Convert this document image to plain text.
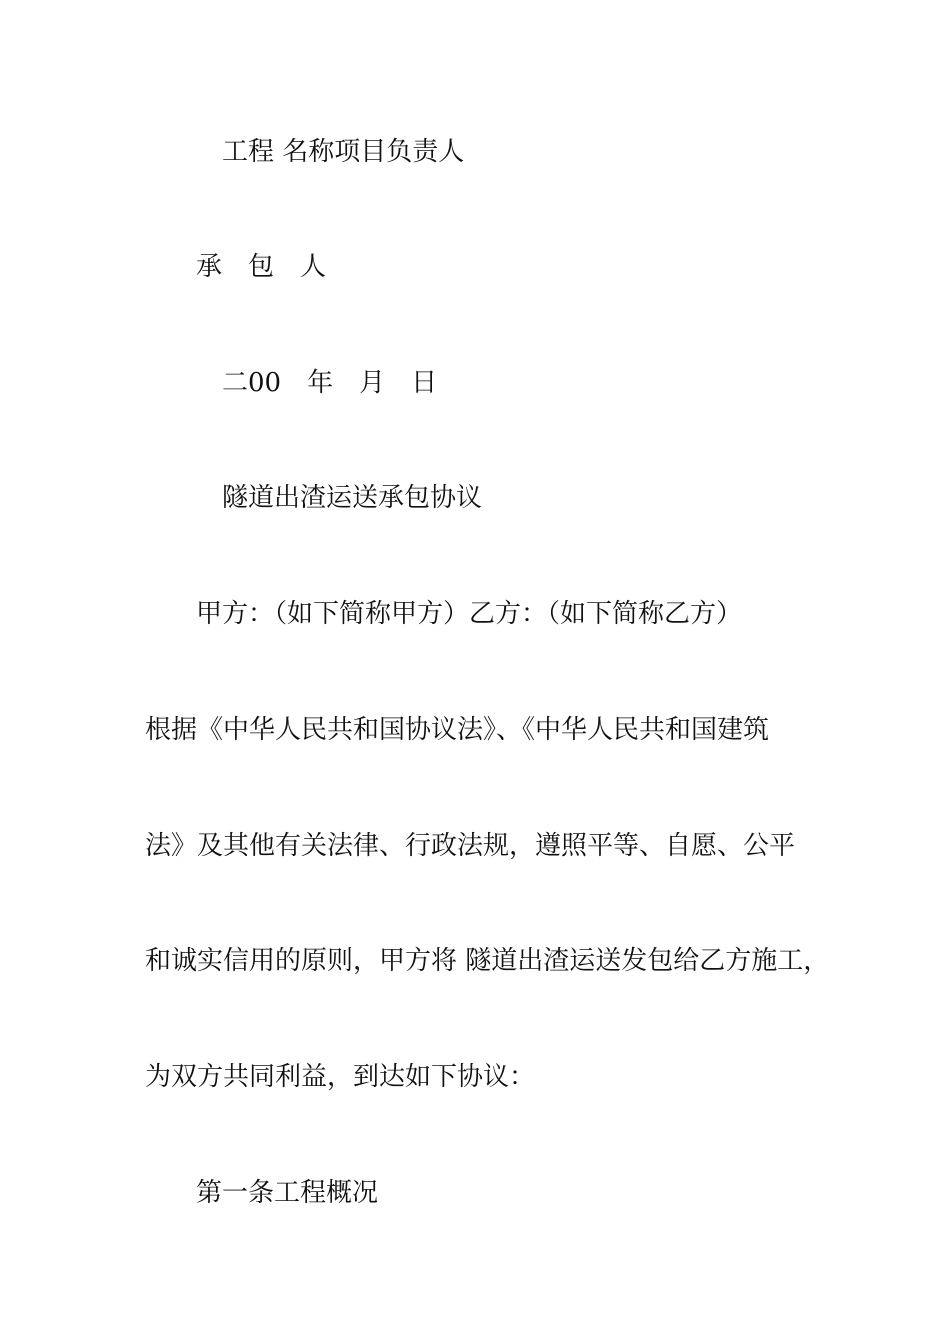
工程 名称项目负责人

承　包　人

二00　年　月　日

隧道出渣运送承包协议

甲方：（如下简称甲方）乙方：（如下简称乙方）

根据《中华人民共和国协议法》、《中华人民共和国建筑

法》及其他有关法律、行政法规，遵照平等、自愿、公平

和诚实信用的原则，甲方将 隧道出渣运送发包给乙方施工，

为双方共同利益，到达如下协议：

第一条工程概况
